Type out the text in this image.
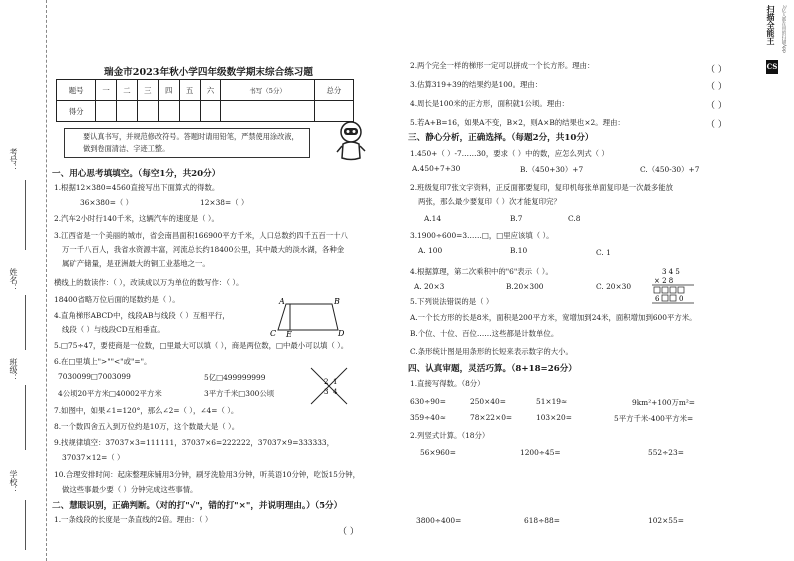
考号：
姓名：
班级：
学校：
扫描全能王 3亿人都在用的扫描App
CS
瑞金市2023年秋小学四年级数学期末综合练习题
题号	一	二	三	四	五	六	书写（5分）	总分
得分								
要认真书写，并规范修改符号。答题时请用铅笔，严禁使用涂改液，做到卷面清洁、字迹工整。
一、用心思考填填空。（每空1分，共20分）
1.根据12×380=4560直接写出下面算式的得数。
36×380=（ ）	12×38=（ ）
2.汽车2小时行140千米，这辆汽车的速度是（ ）。
3.江西省是一个美丽的城市，省会南昌面积166900平方千米，人口总数约四千五百一十八
万一千八百人，我省水资源丰富，河流总长约18400公里，其中最大的淡水湖，各种金
属矿产储量，是亚洲最大的铜工业基地之一。
横线上的数读作：（ ），改读成以万为单位的数写作：（ ）。
18400省略万位后面的尾数约是（ ）。
4.直角梯形ABCD中，线段AB与线段（ ）互相平行，
线段（ ）与线段CD互相垂直。
A	B
C E	D
5.□75÷47，要使商是一位数，□里最大可以填（ ），商是两位数，□中最小可以填（ ）。
6.在□里填上">""<"或"="。
7030099□7003099	5亿□499999999
4公顷20平方米□40002平方米	3平方千米□300公顷
2 1
3 4
7.如图中，如果∠1=120°，那么∠2=（ ），∠4=（ ）。
8.一个数四舍五入到万位约是10万，这个数最大是（ ）。
9.找规律填空：37037×3=111111，37037×6=222222，37037×9=333333，
37037×12=（ ）
10.合理安排时间：起床整理床铺用3分钟，刷牙洗脸用3分钟，听英语10分钟，吃饭15分钟，
做这些事最少要（ ）分钟完成这些事情。
二、慧眼识别，正确判断。（对的打"√"，错的打"×"，并说明理由。）（5分）
1.一条线段的长度是一条直线的2倍。理由：（ ）
（ ）
2.两个完全一样的梯形一定可以拼成一个长方形。理由：	（ ）
3.估算319+39的结果约是100。理由：	（ ）
4.周长是100米的正方形，面积就1公顷。理由：	（ ）
5.若A+B=16，如果A不变，B×2，则A×B的结果也×2。理由：	（ ）
三、静心分析，正确选择。（每题2分，共10分）
1.450+（ ）-7……30，要求（ ）中的数，应怎么列式（ ）
A.450+7+30	B.（450+30）+7	C.（450-30）+7
2.班级复印7张文字资料，正反面都要复印，复印机每张单面复印是一次最多能放
两张，那么最少要复印（ ）次才能复印完？
A.14	B.7	C.8
3.1900÷600=3……□，□里应该填（ ）。
A. 100	B.10	C. 1
4.根据算理，第二次乘积中的"6"表示（ ）。
A. 20×3	B.20×300	C. 20×30
3 4 5
× 2 8
6	0
5.下列说法错误的是（ ）
A.一个长方形的长是8米，面积是200平方米，宽增加到24米，面积增加到600平方米。
B.个位、十位、百位……这些都是计数单位。
C.条形统计图是用条形的长短来表示数字的大小。
四、认真审题，灵活巧算。（8+18=26分）
1.直接写得数。（8分）
630÷90=	250×40=	51×19≈	9km²+100万m²=
359÷40≈	78×22×0=	103×20=	5平方千米-400平方米=
2.列竖式计算。（18分）
56×960=	1200÷45=	552÷23=
3800÷400=	618÷88=	102×55=
